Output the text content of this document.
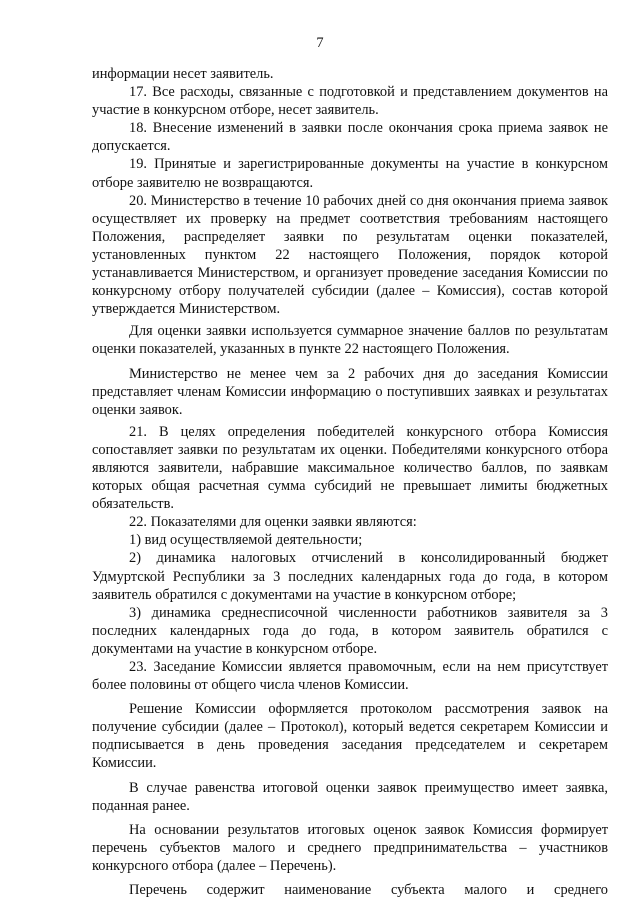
7

информации несет заявитель.

17. Все расходы, связанные с подготовкой и представлением документов на участие в конкурсном отборе, несет заявитель.

18. Внесение изменений в заявки после окончания срока приема заявок не допускается.

19. Принятые и зарегистрированные документы на участие в конкурсном отборе заявителю не возвращаются.

20. Министерство в течение 10 рабочих дней со дня окончания приема заявок осуществляет их проверку на предмет соответствия требованиям настоящего Положения, распределяет заявки по результатам оценки показателей, установленных пунктом 22 настоящего Положения, порядок которой устанавливается Министерством, и организует проведение заседания Комиссии по конкурсному отбору получателей субсидии (далее – Комиссия), состав которой утверждается Министерством.

Для оценки заявки используется суммарное значение баллов по результатам оценки показателей, указанных в пункте 22 настоящего Положения.

Министерство не менее чем за 2 рабочих дня до заседания Комиссии представляет членам Комиссии информацию о поступивших заявках и результатах оценки заявок.

21. В целях определения победителей конкурсного отбора Комиссия сопоставляет заявки по результатам их оценки. Победителями конкурсного отбора являются заявители, набравшие максимальное количество баллов, по заявкам которых общая расчетная сумма субсидий не превышает лимиты бюджетных обязательств.

22. Показателями для оценки заявки являются:

1) вид осуществляемой деятельности;

2) динамика налоговых отчислений в консолидированный бюджет Удмуртской Республики за 3 последних календарных года до года, в котором заявитель обратился с документами на участие в конкурсном отборе;

3) динамика среднесписочной численности работников заявителя за 3 последних календарных года до года, в котором заявитель обратился с документами на участие в конкурсном отборе.

23. Заседание Комиссии является правомочным, если на нем присутствует более половины от общего числа членов Комиссии.

Решение Комиссии оформляется протоколом рассмотрения заявок на получение субсидии (далее – Протокол), который ведется секретарем Комиссии и подписывается в день проведения заседания председателем и секретарем Комиссии.

В случае равенства итоговой оценки заявок преимущество имеет заявка, поданная ранее.

На основании результатов итоговых оценок заявок Комиссия формирует перечень субъектов малого и среднего предпринимательства – участников конкурсного отбора (далее – Перечень).

Перечень содержит наименование субъекта малого и среднего
